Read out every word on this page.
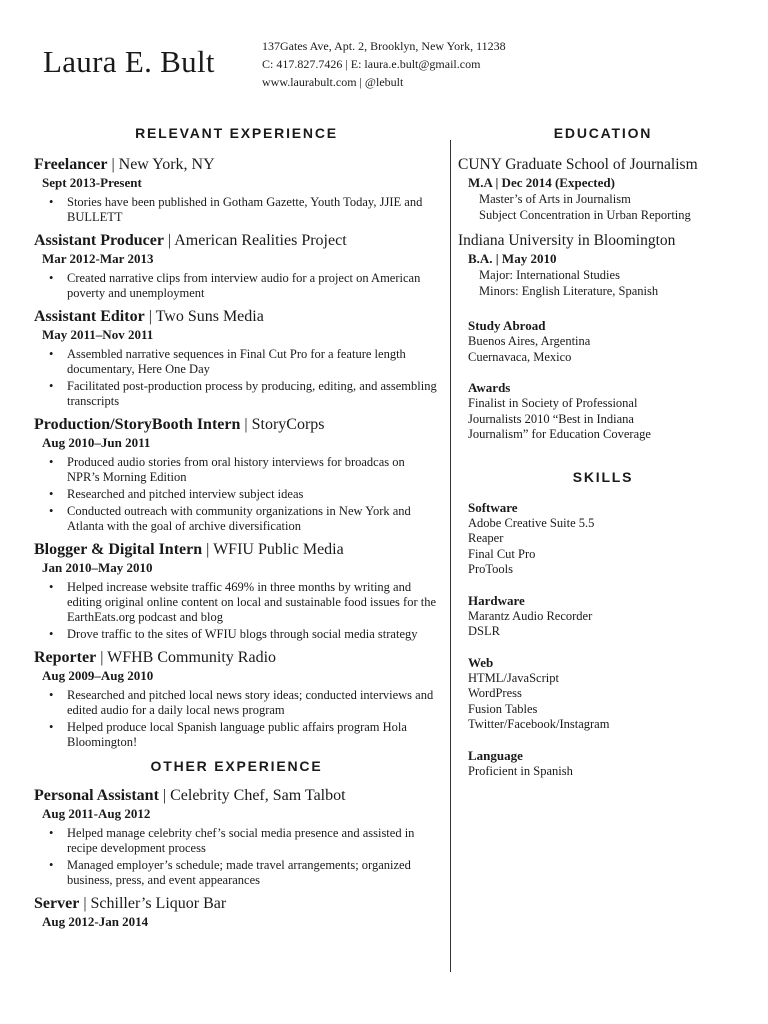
Laura E. Bult	137Gates Ave, Apt. 2, Brooklyn, New York, 11238
C: 417.827.7426 | E: laura.e.bult@gmail.com
www.laurabult.com | @lebult
RELEVANT EXPERIENCE
Freelancer | New York, NY
Sept 2013-Present
• Stories have been published in Gotham Gazette, Youth Today, JJIE and BULLETT
Assistant Producer | American Realities Project
Mar 2012-Mar 2013
• Created narrative clips from interview audio for a project on American poverty and unemployment
Assistant Editor | Two Suns Media
May 2011–Nov 2011
• Assembled narrative sequences in Final Cut Pro for a feature length documentary, Here One Day
• Facilitated post-production process by producing, editing, and assembling transcripts
Production/StoryBooth Intern | StoryCorps
Aug 2010–Jun 2011
• Produced audio stories from oral history interviews for broadcas on NPR’s Morning Edition
• Researched and pitched interview subject ideas
• Conducted outreach with community organizations in New York and Atlanta with the goal of archive diversification
Blogger & Digital Intern | WFIU Public Media
Jan 2010–May 2010
• Helped increase website traffic 469% in three months by writing and editing original online content on local and sustainable food issues for the EarthEats.org podcast and blog
• Drove traffic to the sites of WFIU blogs through social media strategy
Reporter | WFHB Community Radio
Aug 2009–Aug 2010
• Researched and pitched local news story ideas; conducted interviews and edited audio for a daily local news program
• Helped produce local Spanish language public affairs program Hola Bloomington!
OTHER EXPERIENCE
Personal Assistant | Celebrity Chef, Sam Talbot
Aug 2011-Aug 2012
• Helped manage celebrity chef’s social media presence and assisted in recipe development process
• Managed employer’s schedule; made travel arrangements; organized business, press, and event appearances
Server | Schiller’s Liquor Bar
Aug 2012-Jan 2014
EDUCATION
CUNY Graduate School of Journalism
M.A | Dec 2014 (Expected)
Master’s of Arts in Journalism
Subject Concentration in Urban Reporting
Indiana University in Bloomington
B.A. | May 2010
Major: International Studies
Minors: English Literature, Spanish
Study Abroad
Buenos Aires, Argentina
Cuernavaca, Mexico
Awards
Finalist in Society of Professional
Journalists 2010 “Best in Indiana
Journalism” for Education Coverage
SKILLS
Software
Adobe Creative Suite 5.5
Reaper
Final Cut Pro
ProTools
Hardware
Marantz Audio Recorder
DSLR
Web
HTML/JavaScript
WordPress
Fusion Tables
Twitter/Facebook/Instagram
Language
Proficient in Spanish
